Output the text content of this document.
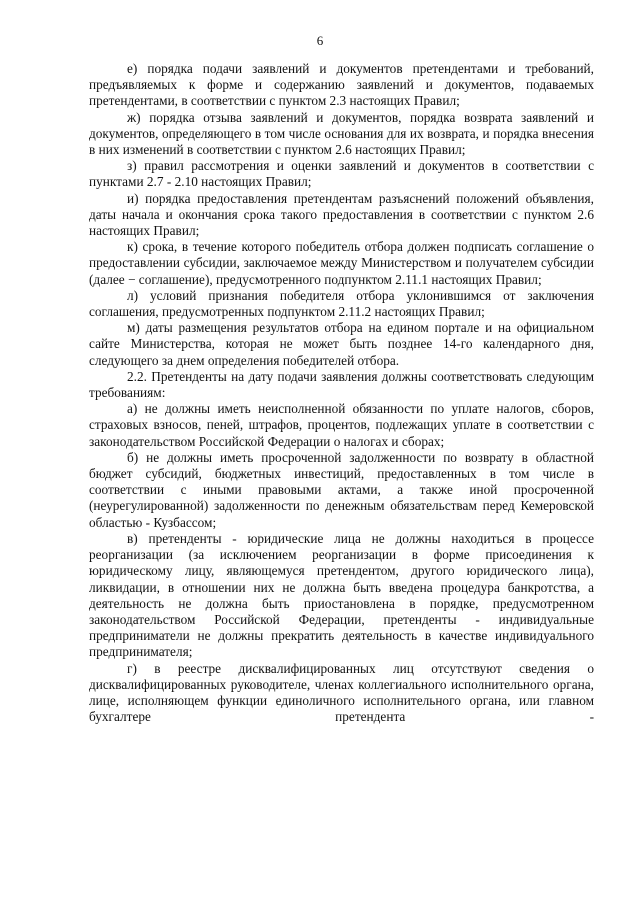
6

е) порядка подачи заявлений и документов претендентами и требований, предъявляемых к форме и содержанию заявлений и документов, подаваемых претендентами, в соответствии с пунктом 2.3 настоящих Правил;

ж) порядка отзыва заявлений и документов, порядка возврата заявлений и документов, определяющего в том числе основания для их возврата, и порядка внесения в них изменений в соответствии с пунктом 2.6 настоящих Правил;

з) правил рассмотрения и оценки заявлений и документов в соответствии с пунктами 2.7 - 2.10 настоящих Правил;

и) порядка предоставления претендентам разъяснений положений объявления, даты начала и окончания срока такого предоставления в соответствии с пунктом 2.6 настоящих Правил;

к) срока, в течение которого победитель отбора должен подписать соглашение о предоставлении субсидии, заключаемое между Министерством и получателем субсидии (далее − соглашение), предусмотренного подпунктом 2.11.1 настоящих Правил;

л) условий признания победителя отбора уклонившимся от заключения соглашения, предусмотренных подпунктом 2.11.2 настоящих Правил;

м) даты размещения результатов отбора на едином портале и на официальном сайте Министерства, которая не может быть позднее 14-го календарного дня, следующего за днем определения победителей отбора.

2.2. Претенденты на дату подачи заявления должны соответствовать следующим требованиям:

а) не должны иметь неисполненной обязанности по уплате налогов, сборов, страховых взносов, пеней, штрафов, процентов, подлежащих уплате в соответствии с законодательством Российской Федерации о налогах и сборах;

б) не должны иметь просроченной задолженности по возврату в областной бюджет субсидий, бюджетных инвестиций, предоставленных в том числе в соответствии с иными правовыми актами, а также иной просроченной (неурегулированной) задолженности по денежным обязательствам перед Кемеровской областью - Кузбассом;

в) претенденты - юридические лица не должны находиться в процессе реорганизации (за исключением реорганизации в форме присоединения к юридическому лицу, являющемуся претендентом, другого юридического лица), ликвидации, в отношении них не должна быть введена процедура банкротства, а деятельность не должна быть приостановлена в порядке, предусмотренном законодательством Российской Федерации, претенденты - индивидуальные предприниматели не должны прекратить деятельность в качестве индивидуального предпринимателя;

г) в реестре дисквалифицированных лиц отсутствуют сведения о дисквалифицированных руководителе, членах коллегиального исполнительного органа, лице, исполняющем функции единоличного исполнительного органа, или главном бухгалтере претендента -
